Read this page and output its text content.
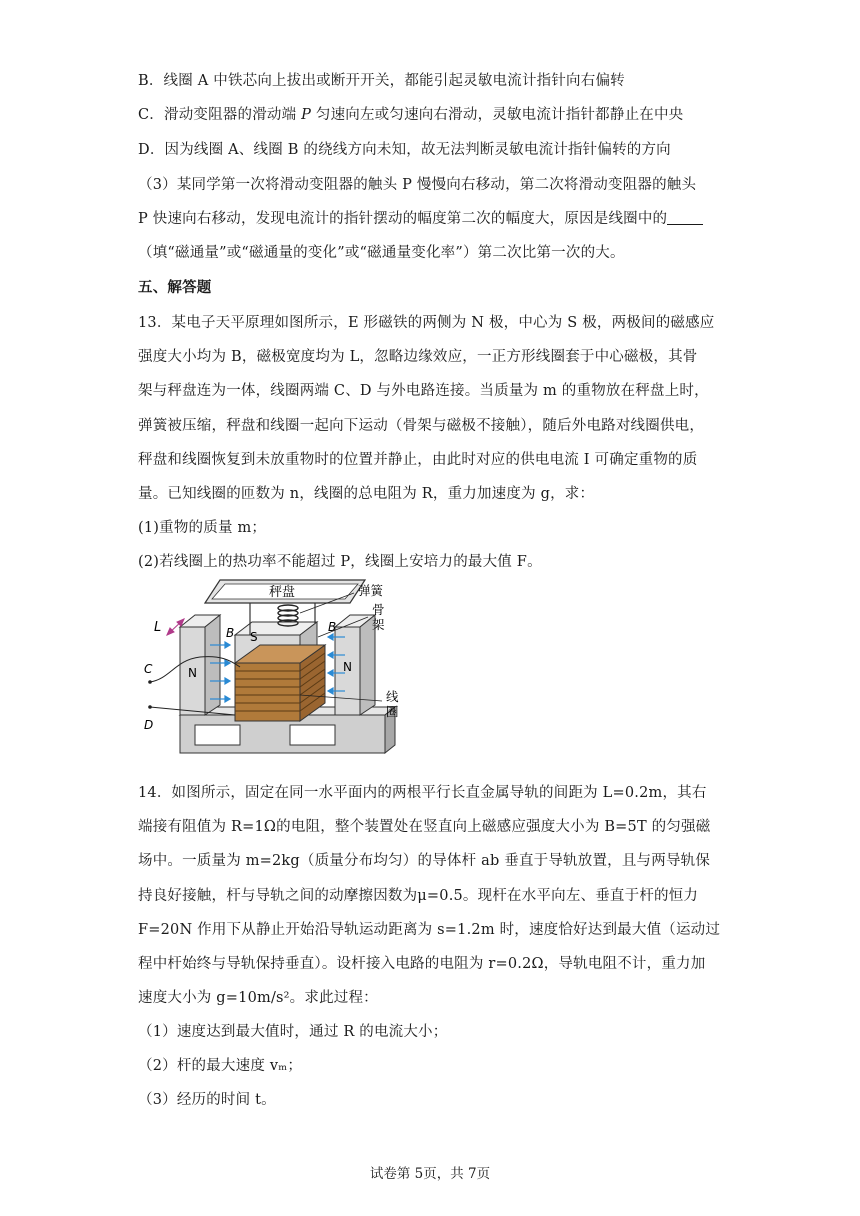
B．线圈 A 中铁芯向上拔出或断开开关，都能引起灵敏电流计指针向右偏转
C．滑动变阻器的滑动端 P 匀速向左或匀速向右滑动，灵敏电流计指针都静止在中央
D．因为线圈 A、线圈 B 的绕线方向未知，故无法判断灵敏电流计指针偏转的方向
（3）某同学第一次将滑动变阻器的触头 P 慢慢向右移动，第二次将滑动变阻器的触头
P 快速向右移动，发现电流计的指针摆动的幅度第二次的幅度大，原因是线圈中的
（填“磁通量”或“磁通量的变化”或“磁通量变化率”）第二次比第一次的大。
五、解答题
13．某电子天平原理如图所示，E 形磁铁的两侧为 N 极，中心为 S 极，两极间的磁感应
强度大小均为 B，磁极宽度均为 L，忽略边缘效应，一正方形线圈套于中心磁极，其骨
架与秤盘连为一体，线圈两端 C、D 与外电路连接。当质量为 m 的重物放在秤盘上时，
弹簧被压缩，秤盘和线圈一起向下运动（骨架与磁极不接触），随后外电路对线圈供电，
秤盘和线圈恢复到未放重物时的位置并静止，由此时对应的供电电流 I 可确定重物的质
量。已知线圈的匝数为 n，线圈的总电阻为 R，重力加速度为 g，求：
(1)重物的质量 m；
(2)若线圈上的热功率不能超过 P，线圈上安培力的最大值 F。
秤盘	弹簧
骨
架
线
圈
L	B	B
S
N	N
C
D
14．如图所示，固定在同一水平面内的两根平行长直金属导轨的间距为 L=0.2m，其右
端接有阻值为 R=1Ω的电阻，整个装置处在竖直向上磁感应强度大小为 B=5T 的匀强磁
场中。一质量为 m=2kg（质量分布均匀）的导体杆 ab 垂直于导轨放置，且与两导轨保
持良好接触，杆与导轨之间的动摩擦因数为μ=0.5。现杆在水平向左、垂直于杆的恒力
F=20N 作用下从静止开始沿导轨运动距离为 s=1.2m 时，速度恰好达到最大值（运动过
程中杆始终与导轨保持垂直）。设杆接入电路的电阻为 r=0.2Ω，导轨电阻不计，重力加
速度大小为 g=10m/s²。求此过程：
（1）速度达到最大值时，通过 R 的电流大小；
（2）杆的最大速度 vₘ；
（3）经历的时间 t。
试卷第 5页，共 7页
